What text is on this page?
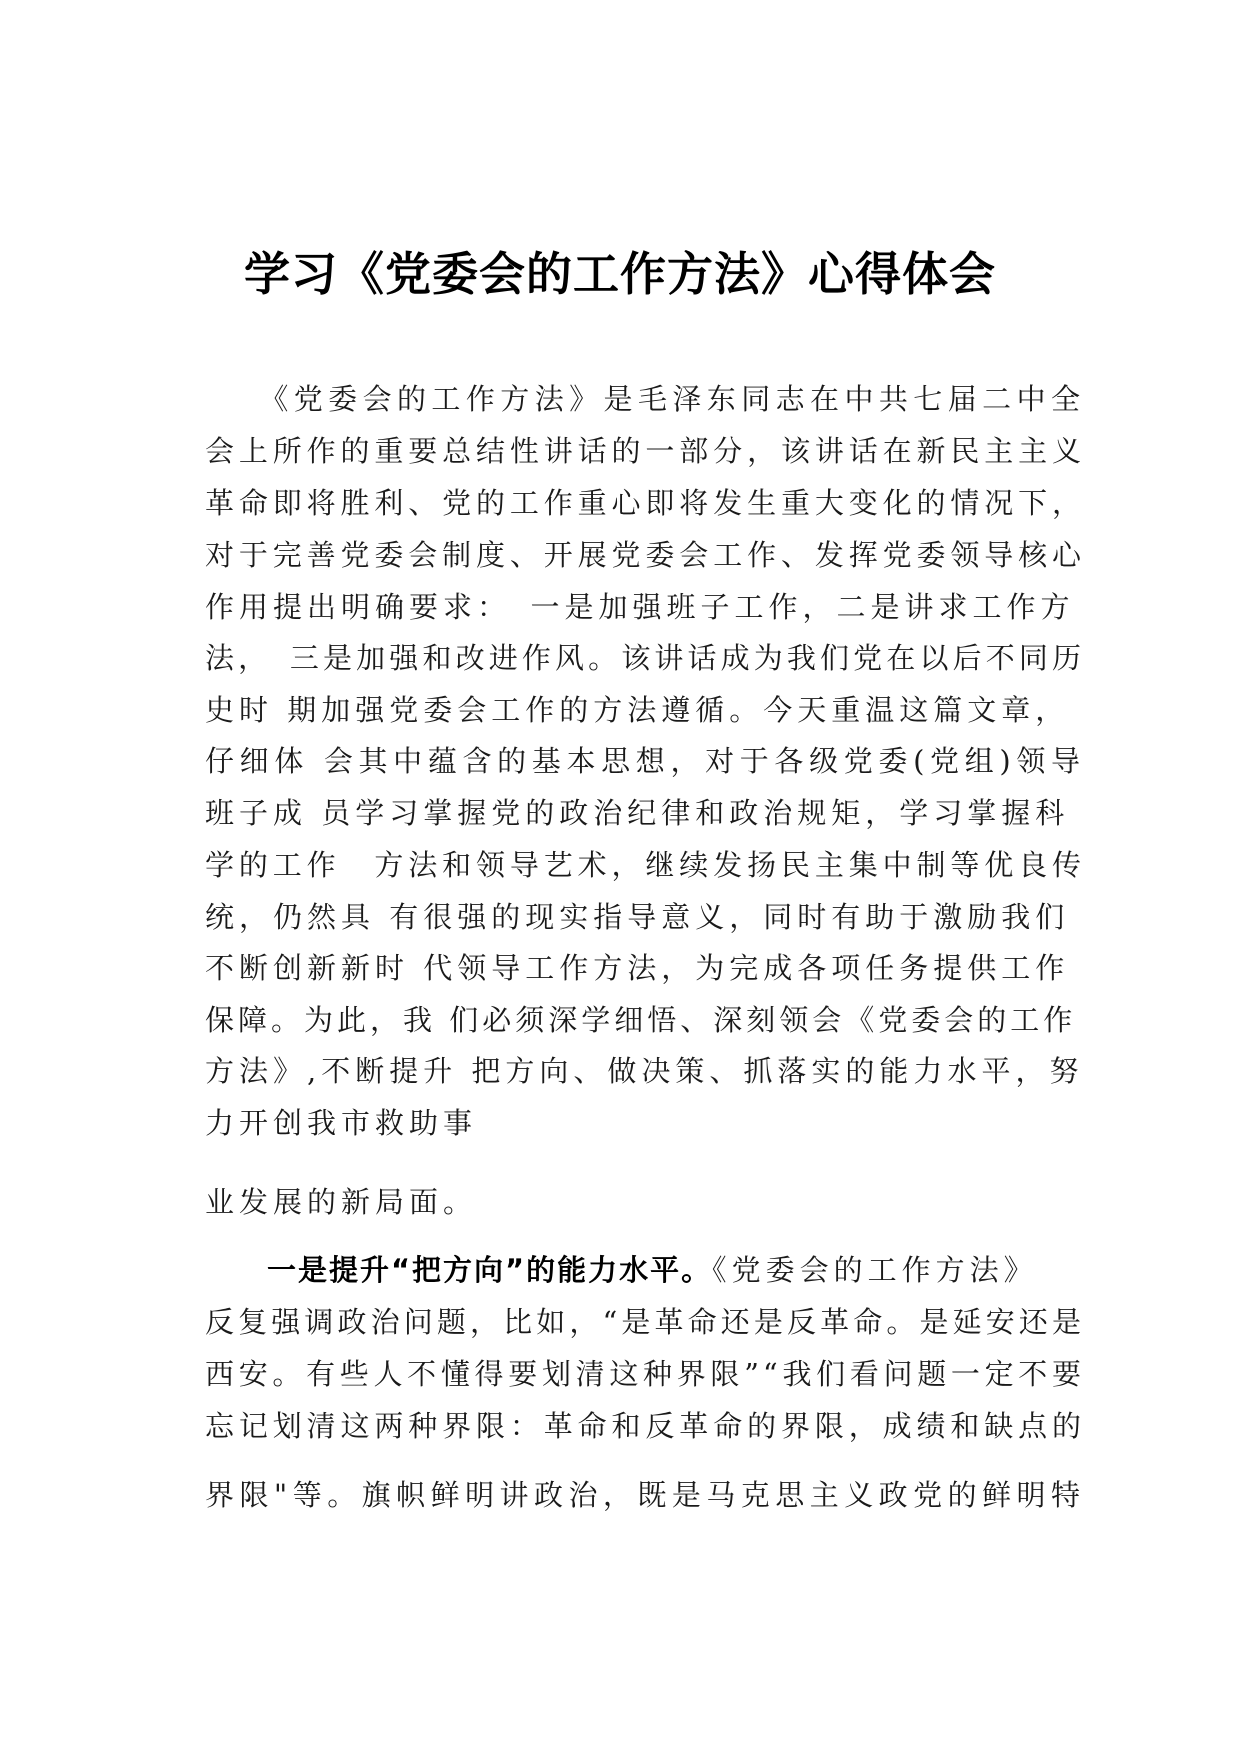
学习《党委会的工作方法》心得体会
　　《党委会的工作方法》是毛泽东同志在中共七届二中全
会上所作的重要总结性讲话的一部分，该讲话在新民主主义
革命即将胜利、党的工作重心即将发生重大变化的情况下，
对于完善党委会制度、开展党委会工作、发挥党委领导核心
作用提出明确要求：　一是加强班子工作，二是讲求工作方
法，　三是加强和改进作风。该讲话成为我们党在以后不同历
史时 期加强党委会工作的方法遵循。今天重温这篇文章，
仔细体 会其中蕴含的基本思想，对于各级党委(党组)领导
班子成 员学习掌握党的政治纪律和政治规矩，学习掌握科
学的工作　方法和领导艺术，继续发扬民主集中制等优良传
统，仍然具 有很强的现实指导意义，同时有助于激励我们
不断创新新时 代领导工作方法，为完成各项任务提供工作
保障。为此，我 们必须深学细悟、深刻领会《党委会的工作
方法》,不断提升 把方向、做决策、抓落实的能力水平，努
力开创我市救助事
业发展的新局面。
　　一是提升“把方向”的能力水平。《党委会的工作方法》
反复强调政治问题，比如，“是革命还是反革命。是延安还是
西安。有些人不懂得要划清这种界限”“我们看问题一定不要
忘记划清这两种界限：革命和反革命的界限，成绩和缺点的
界限"等。旗帜鲜明讲政治，既是马克思主义政党的鲜明特
